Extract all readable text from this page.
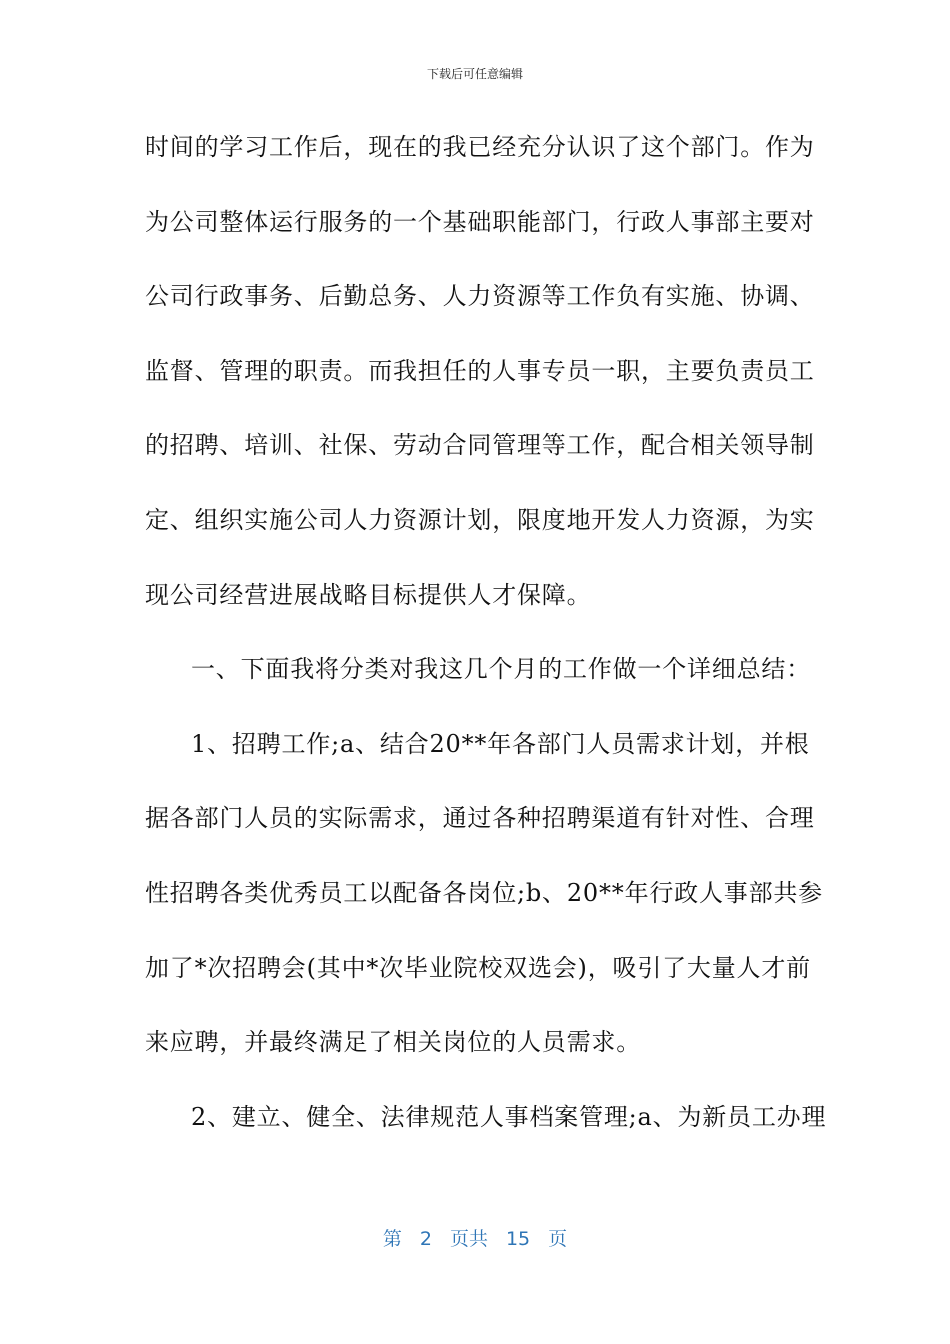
下载后可任意编辑
时间的学习工作后，现在的我已经充分认识了这个部门。作为
为公司整体运行服务的一个基础职能部门，行政人事部主要对
公司行政事务、后勤总务、人力资源等工作负有实施、协调、
监督、管理的职责。而我担任的人事专员一职，主要负责员工
的招聘、培训、社保、劳动合同管理等工作，配合相关领导制
定、组织实施公司人力资源计划，限度地开发人力资源，为实
现公司经营进展战略目标提供人才保障。
一、下面我将分类对我这几个月的工作做一个详细总结：
1、招聘工作;a、结合20**年各部门人员需求计划，并根
据各部门人员的实际需求，通过各种招聘渠道有针对性、合理
性招聘各类优秀员工以配备各岗位;b、20**年行政人事部共参
加了*次招聘会(其中*次毕业院校双选会)，吸引了大量人才前
来应聘，并最终满足了相关岗位的人员需求。
2、建立、健全、法律规范人事档案管理;a、为新员工办理
第 2 页共 15 页
